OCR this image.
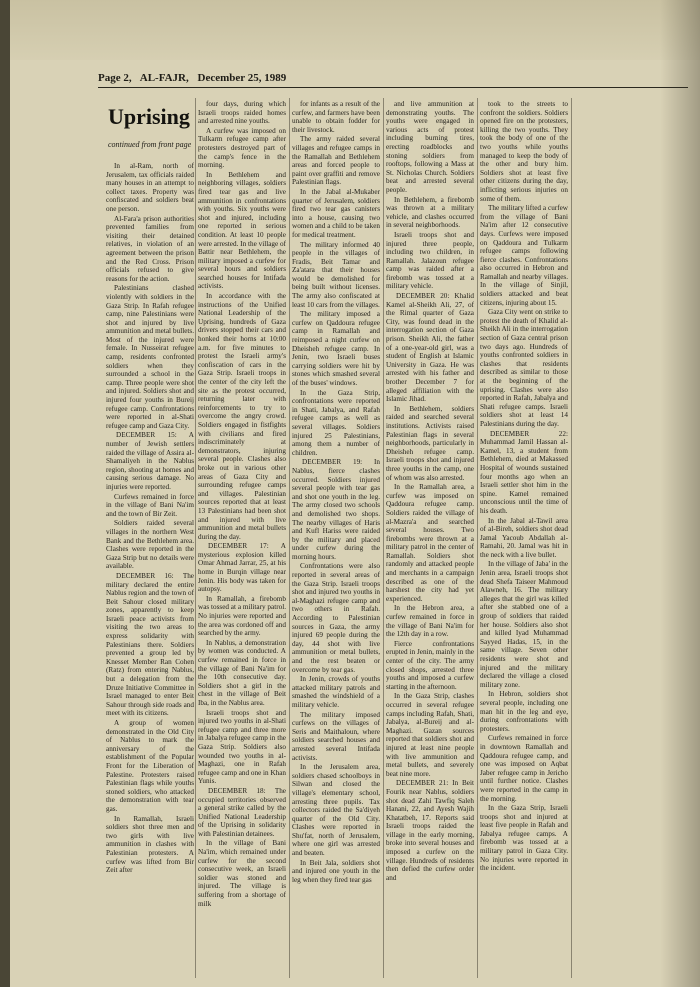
Page 2, AL-FAJR, December 25, 1989
Uprising
continued from front page

In al-Ram, north of Jerusalem, tax officials raided many houses in an attempt to collect taxes. Property was confiscated and soldiers beat one person.

Al-Fara'a prison authorities prevented families from visiting their detained relatives, in violation of an agreement between the prison and the Red Cross. Prison officials refused to give reasons for the action.

Palestinians clashed violently with soldiers in the Gaza Strip. In Rafah refugee camp, nine Palestinians were shot and injured by live ammunition and metal bullets. Most of the injured were female. In Nusseirat refugee camp, residents confronted soldiers when they surrounded a school in the camp. Three people were shot and injured. Soldiers shot and injured four youths in Bureij refugee camp. Confrontations were reported in al-Shati refugee camp and Gaza City.

DECEMBER 15: A number of Jewish settlers raided the village of Assira al-Shamaliyeh in the Nablus region, shooting at homes and causing serious damage. No injuries were reported.

Curfews remained in force in the village of Bani Na'im and the town of Bir Zeit.

Soldiers raided several villages in the northern West Bank and the Bethlehem area. Clashes were reported in the Gaza Strip but no details were available.

DECEMBER 16: The military declared the entire Nablus region and the town of Beit Sahour closed military zones, apparently to keep Israeli peace activists from visiting the two areas to express solidarity with Palestinians there. Soldiers prevented a group led by Knesset Member Ran Cohen (Ratz) from entering Nablus, but a delegation from the Druze Initiative Committee in Israel managed to enter Beit Sahour through side roads and meet with its citizens.

A group of women demonstrated in the Old City of Nablus to mark the anniversary of the establishment of the Popular Front for the Liberation of Palestine. Protesters raised Palestinian flags while youths stoned soldiers, who attacked the demonstration with tear gas.

In Ramallah, Israeli soldiers shot three men and two girls with live ammunition in clashes with Palestinian protesters. A curfew was lifted from Bir Zeit after

four days, during which Israeli troops raided homes and arrested nine youths.

A curfew was imposed on Tulkarm refugee camp after protesters destroyed part of the camp's fence in the morning.

In Bethlehem and neighboring villages, soldiers fired tear gas and live ammunition in confrontations with youths. Six youths were shot and injured, including one reported in serious condition. At least 10 people were arrested. In the village of Battir near Bethlehem, the military imposed a curfew for several hours and soldiers searched houses for Intifada activists.

In accordance with the instructions of the Unified National Leadership of the Uprising, hundreds of Gaza drivers stopped their cars and honked their horns at 10:00 a.m. for five minutes to protest the Israeli army's confiscation of cars in the Gaza Strip. Israeli troops in the center of the city left the site as the protest occurred, returning later with reinforcements to try to overcome the angry crowd. Soldiers engaged in fistfights with civilians and fired indiscriminately at demonstrators, injuring several people. Clashes also broke out in various other areas of Gaza City and surrounding refugee camps and villages. Palestinian sources reported that at least 13 Palestinians had been shot and injured with live ammunition and metal bullets during the day.

DECEMBER 17: A mysterious explosion killed Omar Ahmad Jarrar, 25, at his home in Burqin village near Jenin. His body was taken for autopsy.

In Ramallah, a firebomb was tossed at a military patrol. No injuries were reported and the area was cordoned off and searched by the army.

In Nablus, a demonstration by women was conducted. A curfew remained in force in the village of Bani Na'im for the 10th consecutive day. Soldiers shot a girl in the chest in the village of Beit Iba, in the Nablus area.

Israeli troops shot and injured two youths in al-Shati refugee camp and three more in Jabalya refugee camp in the Gaza Strip. Soldiers also wounded two youths in al-Maghazi, one in Rafah refugee camp and one in Khan Yunis.

DECEMBER 18: The occupied territories observed a general strike called by the Unified National Leadership of the Uprising in solidarity with Palestinian detainees.

In the village of Bani Na'im, which remained under curfew for the second consecutive week, an Israeli soldier was stoned and injured. The village is suffering from a shortage of milk

for infants as a result of the curfew, and farmers have been unable to obtain fodder for their livestock.

The army raided several villages and refugee camps in the Ramallah and Bethlehem areas and forced people to paint over graffiti and remove Palestinian flags.

In the Jabal al-Mukaber quarter of Jerusalem, soldiers fired two tear gas canisters into a house, causing two women and a child to be taken for medical treatment.

The military informed 40 people in the villages of Fradis, Beit Tamar and Za'atara that their houses would be demolished for being built without licenses. The army also confiscated at least 10 cars from the villages.

The military imposed a curfew on Qaddoura refugee camp in Ramallah and reimposed a night curfew on Dheisheh refugee camp. In Jenin, two Israeli buses carrying soldiers were hit by stones which smashed several of the buses' windows.

In the Gaza Strip, confrontations were reported in Shati, Jabalya, and Rafah refugee camps as well as several villages. Soldiers injured 25 Palestinians, among them a number of children.

DECEMBER 19: In Nablus, fierce clashes occurred. Soldiers injured several people with tear gas and shot one youth in the leg. The army closed two schools and demolished two shops. The nearby villages of Haris and Kufl Hariss were raided by the military and placed under curfew during the morning hours.

Confrontations were also reported in several areas of the Gaza Strip. Israeli troops shot and injured two youths in al-Maghazi refugee camp and two others in Rafah. According to Palestinian sources in Gaza, the army injured 69 people during the day, 44 shot with live ammunition or metal bullets, and the rest beaten or overcome by tear gas.

In Jenin, crowds of youths attacked military patrols and smashed the windshield of a military vehicle.

The military imposed curfews on the villages of Seris and Maithaloun, where soldiers searched houses and arrested several Intifada activists.

In the Jerusalem area, soldiers chased schoolboys in Silwan and closed the village's elementary school, arresting three pupils. Tax collectors raided the Sa'diyeh quarter of the Old City. Clashes were reported in Shu'fat, north of Jerusalem, where one girl was arrested and beaten.

In Beit Jala, soldiers shot and injured one youth in the leg when they fired tear gas

and live ammunition at demonstrating youths. The youths were engaged in various acts of protest including burning tires, erecting roadblocks and stoning soldiers from rooftops, following a Mass at St. Nicholas Church. Soldiers beat and arrested several people.

In Bethlehem, a firebomb was thrown at a military vehicle, and clashes occurred in several neighborhoods.

Israeli troops shot and injured three people, including two children, in Ramallah. Jalazoun refugee camp was raided after a firebomb was tossed at a military vehicle.

DECEMBER 20: Khalid Kamel al-Sheikh Ali, 27, of the Rimal quarter of Gaza City, was found dead in the interrogation section of Gaza prison. Sheikh Ali, the father of a one-year-old girl, was a student of English at Islamic University in Gaza. He was arrested with his father and brother December 7 for alleged affiliation with the Islamic Jihad.

In Bethlehem, soldiers raided and searched several institutions. Activists raised Palestinian flags in several neighborhoods, particularly in Dheisheh refugee camp. Israeli troops shot and injured three youths in the camp, one of whom was also arrested.

In the Ramallah area, a curfew was imposed on Qaddoura refugee camp. Soldiers raided the village of al-Mazra'a and searched several houses. Two firebombs were thrown at a military patrol in the center of Ramallah. Soldiers shot randomly and attacked people and merchants in a campaign described as one of the harshest the city had yet experienced.

In the Hebron area, a curfew remained in force in the village of Bani Na'im for the 12th day in a row.

Fierce confrontations erupted in Jenin, mainly in the center of the city. The army closed shops, arrested three youths and imposed a curfew starting in the afternoon.

In the Gaza Strip, clashes occurred in several refugee camps including Rafah, Shati, Jabalya, al-Bureij and al-Maghazi. Gazan sources reported that soldiers shot and injured at least nine people with live ammunition and metal bullets, and severely beat nine more.

DECEMBER 21: In Beit Fourik near Nablus, soldiers shot dead Zahi Tawfiq Saleh Hanani, 22, and Ayesh Wajih Khatatbeh, 17. Reports said Israeli troops raided the village in the early morning, broke into several houses and imposed a curfew on the village. Hundreds of residents then defied the curfew order and

took to the streets to confront the soldiers. Soldiers opened fire on the protesters, killing the two youths. They took the body of one of the two youths while youths managed to keep the body of the other and bury him. Soldiers shot at least five other citizens during the day, inflicting serious injuries on some of them.

The military lifted a curfew from the village of Bani Na'im after 12 consecutive days. Curfews were imposed on Qaddoura and Tulkarm refugee camps following fierce clashes. Confrontations also occurred in Hebron and Ramallah and nearby villages. In the village of Sinjil, soldiers attacked and beat citizens, injuring about 15.

Gaza City went on strike to protest the death of Khalid al-Sheikh Ali in the interrogation section of Gaza central prison two days ago. Hundreds of youths confronted soldiers in clashes that residents described as similar to those at the beginning of the uprising. Clashes were also reported in Rafah, Jabalya and Shati refugee camps. Israeli soldiers shot at least 14 Palestinians during the day.

DECEMBER 22: Muhammad Jamil Hassan al-Kamel, 13, a student from Bethlehem, died at Makassed Hospital of wounds sustained four months ago when an Israeli settler shot him in the spine. Kamel remained unconscious until the time of his death.

In the Jabal al-Tawil area of al-Bireh, soldiers shot dead Jamal Yacoub Abdallah al-Ramahi, 20. Jamal was hit in the neck with a live bullet.

In the village of Jaba' in the Jenin area, Israeli troops shot dead Shefa Taiseer Mahmoud Alawneh, 16. The military alleges that the girl was killed after she stabbed one of a group of soldiers that raided her house. Soldiers also shot and killed Iyad Muhammad Sayyed Hadas, 15, in the same village. Seven other residents were shot and injured and the military declared the village a closed military zone.

In Hebron, soldiers shot several people, including one man hit in the leg and eye, during confrontations with protesters.

Curfews remained in force in downtown Ramallah and Qaddoura refugee camp, and one was imposed on Aqbat Jaber refugee camp in Jericho until further notice. Clashes were reported in the camp in the morning.

In the Gaza Strip, Israeli troops shot and injured at least five people in Rafah and Jabalya refugee camps. A firebomb was tossed at a military patrol in Gaza City. No injuries were reported in the incident.
